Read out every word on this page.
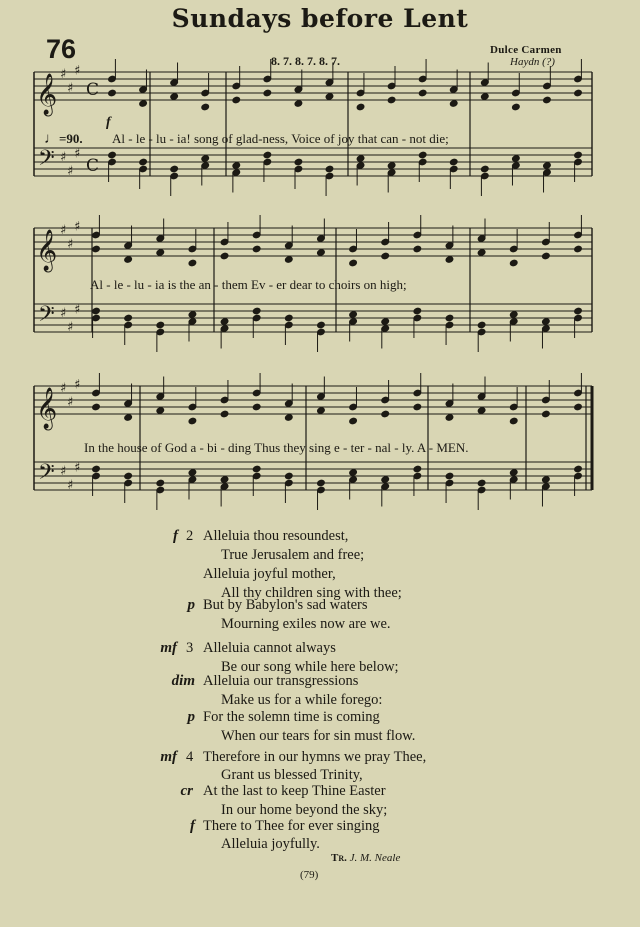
Sundays before Lent
76	8. 7. 8. 7. 8. 7.
Dulce Carmen
Haydn (?)
𝄞
𝄢
♯
♯
♯
♯
♯
♯
C
C
𝄞
𝄢
♯
♯
♯
♯
♯
♯
𝄞
𝄢
♯
♯
♯
♯
♯
♯
♩=90.
f
Al - le - lu - ia! song of glad-ness, Voice of joy that can - not die;
Al - le - lu - ia is the an - them Ev - er dear to choirs on high;
In the house of God a - bi - ding Thus they sing e - ter - nal - ly. A - MEN.
f 2 Alleluia thou resoundest,
True Jerusalem and free;
Alleluia joyful mother,
All thy children sing with thee;
p But by Babylon's sad waters
Mourning exiles now are we.
mf 3 Alleluia cannot always
Be our song while here below;
dim Alleluia our transgressions
Make us for a while forego:
p For the solemn time is coming
When our tears for sin must flow.
mf 4 Therefore in our hymns we pray Thee,
Grant us blessed Trinity,
cr At the last to keep Thine Easter
In our home beyond the sky;
f There to Thee for ever singing
Alleluia joyfully.
Tr. J. M. Neale
(79)
